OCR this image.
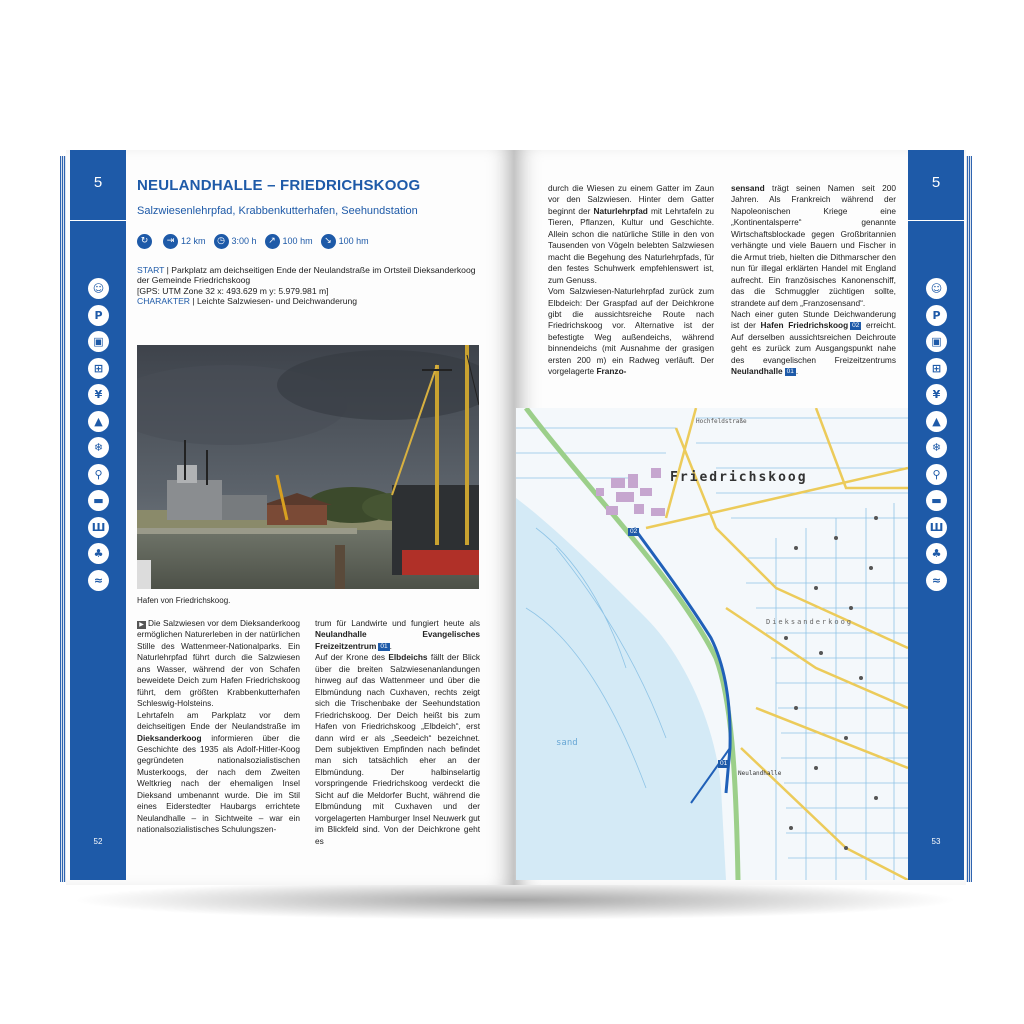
5
☺
P
▣
⊞
¥
▲
❄
⚲
▬
Ш
♣
≈
52
5
☺
P
▣
⊞
¥
▲
❄
⚲
▬
Ш
♣
≈
53
NEULANDHALLE – FRIEDRICHSKOOG
Salzwiesenlehrpfad, Krabbenkutterhafen, Seehundstation
↻	⇥ 12 km	◷ 3:00 h	↗ 100 hm	↘ 100 hm
START | Parkplatz am deichseitigen Ende der Neulandstraße im Ortsteil Dieksanderkoog der Gemeinde Friedrichskoog
[GPS: UTM Zone 32 x: 493.629 m y: 5.979.981 m]
CHARAKTER | Leichte Salzwiesen- und Deichwanderung
Hafen von Friedrichskoog.

▶ Die Salzwiesen vor dem Dieksanderkoog ermöglichen Naturerleben in der natürlichen Stille des Wattenmeer-Nationalparks. Ein Naturlehrpfad führt durch die Salzwiesen ans Wasser, während der von Schafen beweidete Deich zum Hafen Friedrichskoog führt, dem größten Krabbenkutterhafen Schleswig-Holsteins.

Lehrtafeln am Parkplatz vor dem deichseitigen Ende der Neulandstraße im Dieksanderkoog informieren über die Geschichte des 1935 als Adolf-Hitler-Koog gegründeten nationalsozialistischen Musterkoogs, der nach dem Zweiten Weltkrieg nach der ehemaligen Insel Dieksand umbenannt wurde. Die im Stil eines Eiderstedter Haubargs errichtete Neulandhalle – in Sichtweite – war ein nationalsozialistisches Schulungszen-

trum für Landwirte und fungiert heute als Neulandhalle Evangelisches Freizeitzentrum 01 .

Auf der Krone des Elbdeichs fällt der Blick über die breiten Salzwiesenanlandungen hinweg auf das Wattenmeer und über die Elbmündung nach Cuxhaven, rechts zeigt sich die Trischenbake der Seehundstation Friedrichskoog. Der Deich heißt bis zum Hafen von Friedrichskoog „Elbdeich“, erst dann wird er als „Seedeich“ bezeichnet. Dem subjektiven Empfinden nach befindet man sich tatsächlich eher an der Elbmündung. Der halbinselartig vorspringende Friedrichskoog verdeckt die Sicht auf die Meldorfer Bucht, während die Elbmündung mit Cuxhaven und der vorgelagerten Hamburger Insel Neuwerk gut im Blickfeld sind. Von der Deichkrone geht es

durch die Wiesen zu einem Gatter im Zaun vor den Salzwiesen. Hinter dem Gatter beginnt der Naturlehrpfad mit Lehrtafeln zu Tieren, Pflanzen, Kultur und Geschichte. Allein schon die natürliche Stille in den von Tausenden von Vögeln belebten Salzwiesen macht die Begehung des Naturlehrpfads, für den festes Schuhwerk empfehlenswert ist, zum Genuss.

Vom Salzwiesen-Naturlehrpfad zurück zum Elbdeich: Der Graspfad auf der Deichkrone gibt die aussichtsreiche Route nach Friedrichskoog vor. Alternative ist der befestigte Weg außendeichs, während binnendeichs (mit Ausnahme der grasigen ersten 200 m) ein Radweg verläuft. Der vorgelagerte Franzo-

sensand trägt seinen Namen seit 200 Jahren. Als Frankreich während der Napoleonischen Kriege eine „Kontinentalsperre“ genannte Wirtschaftsblockade gegen Großbritannien verhängte und viele Bauern und Fischer in die Armut trieb, hielten die Dithmarscher den nun für illegal erklärten Handel mit England aufrecht. Ein französisches Kanonenschiff, das die Schmuggler züchtigen sollte, strandete auf dem „Franzosensand“.

Nach einer guten Stunde Deichwanderung ist der Hafen Friedrichskoog 02 erreicht. Auf derselben aussichtsreichen Deichroute geht es zurück zum Ausgangspunkt nahe des evangelischen Freizeitzentrums Neulandhalle 01 .

Friedrichskoog
Hochfeldstraße
Dieksanderkoog
Neulandhalle
sand
01
02
